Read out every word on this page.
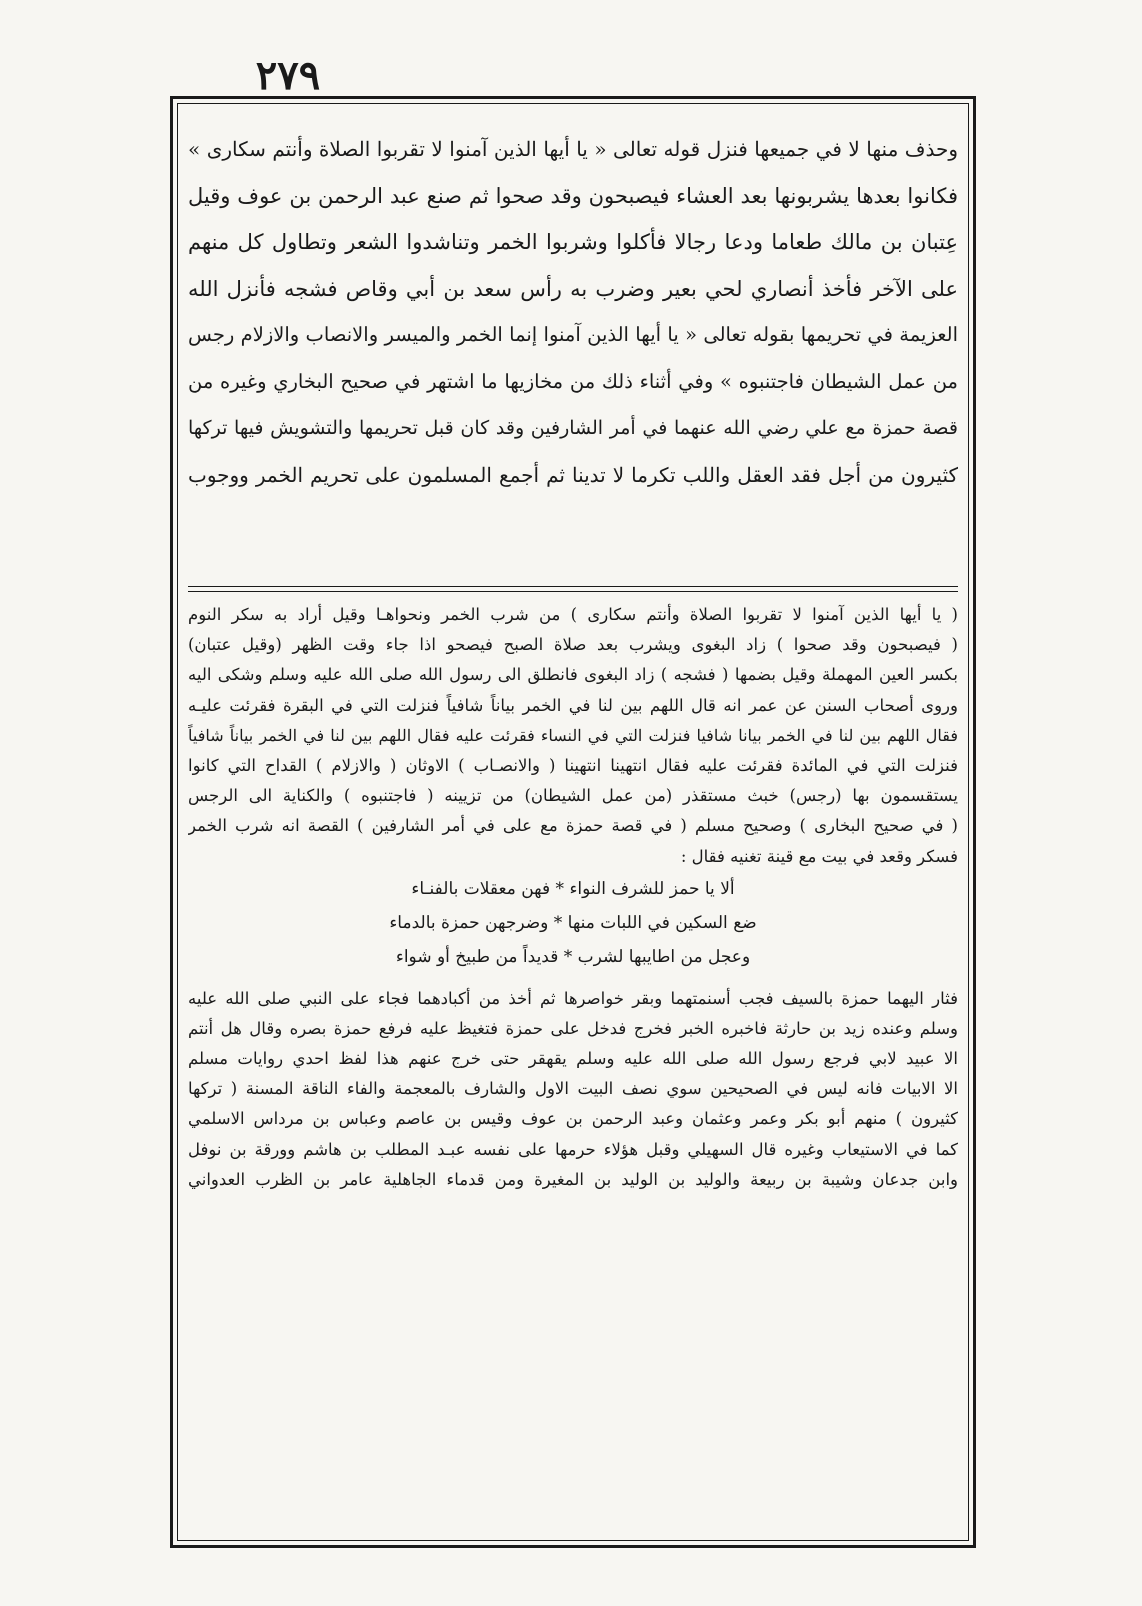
٢٧٩
وحذف منها لا في جميعها فنزل قوله تعالى « يا أيها الذين آمنوا لا تقربوا الصلاة وأنتم سكارى »
فكانوا بعدها يشربونها بعد العشاء فيصبحون وقد صحوا ثم صنع عبد الرحمن بن عوف وقيل
عِتبان بن مالك طعاما ودعا رجالا فأكلوا وشربوا الخمر وتناشدوا الشعر وتطاول كل منهم
على الآخر فأخذ أنصاري لحي بعير وضرب به رأس سعد بن أبي وقاص فشجه فأنزل الله
العزيمة في تحريمها بقوله تعالى « يا أيها الذين آمنوا إنما الخمر والميسر والانصاب والازلام رجس
من عمل الشيطان فاجتنبوه » وفي أثناء ذلك من مخازيها ما اشتهر في صحيح البخاري وغيره من
قصة حمزة مع علي رضي الله عنهما في أمر الشارفين وقد كان قبل تحريمها والتشويش فيها تركها
كثيرون من أجل فقد العقل واللب تكرما لا تدينا ثم أجمع المسلمون على تحريم الخمر ووجوب
( يا أيها الذين آمنوا لا تقربوا الصلاة وأنتم سكارى ) من شرب الخمر ونحواهـا وقيل أراد به سكر النوم
( فيصبحون وقد صحوا ) زاد البغوى ويشرب بعد صلاة الصبح فيصحو اذا جاء وقت الظهر (وقيل عتبان)
بكسر العين المهملة وقيل بضمها ( فشجه ) زاد البغوى فانطلق الى رسول الله صلى الله عليه وسلم وشكى اليه
وروى أصحاب السنن عن عمر انه قال اللهم بين لنا في الخمر بياناً شافياً فنزلت التي في البقرة فقرئت عليـه
فقال اللهم بين لنا في الخمر بيانا شافيا فنزلت التي في النساء فقرئت عليه فقال اللهم بين لنا في الخمر بياناً شافياً
فنزلت التي في المائدة فقرئت عليه فقال انتهينا انتهينا ( والانصـاب ) الاوثان ( والازلام ) القداح التي كانوا
يستقسمون بها (رجس) خبث مستقذر (من عمل الشيطان) من تزيينه ( فاجتنبوه ) والكناية الى الرجس
( في صحيح البخارى ) وصحيح مسلم ( في قصة حمزة مع على في أمر الشارفين ) القصة انه شرب الخمر
فسكر وقعد في بيت مع قينة تغنيه فقال :
ألا يا حمز للشرف النواء * فهن معقلات بالفنـاء
ضع السكين في اللبات منها * وضرجهن حمزة بالدماء
وعجل من اطايبها لشرب * قديداً من طبيخ أو شواء
فثار اليهما حمزة بالسيف فجب أسنمتهما وبقر خواصرها ثم أخذ من أكبادهما فجاء على النبي صلى الله عليه
وسلم وعنده زيد بن حارثة فاخبره الخبر فخرج فدخل على حمزة فتغيظ عليه فرفع حمزة بصره وقال هل أنتم
الا عبيد لابي فرجع رسول الله صلى الله عليه وسلم يقهقر حتى خرج عنهم هذا لفظ احدي روايات مسلم
الا الابيات فانه ليس في الصحيحين سوي نصف البيت الاول والشارف بالمعجمة والفاء الناقة المسنة ( تركها
كثيرون ) منهم أبو بكر وعمر وعثمان وعبد الرحمن بن عوف وقيس بن عاصم وعباس بن مرداس الاسلمي
كما في الاستيعاب وغيره قال السهيلي وقبل هؤلاء حرمها على نفسه عبـد المطلب بن هاشم وورقة بن نوفل
وابن جدعان وشيبة بن ربيعة والوليد بن الوليد بن المغيرة ومن قدماء الجاهلية عامر بن الظرب العدواني
